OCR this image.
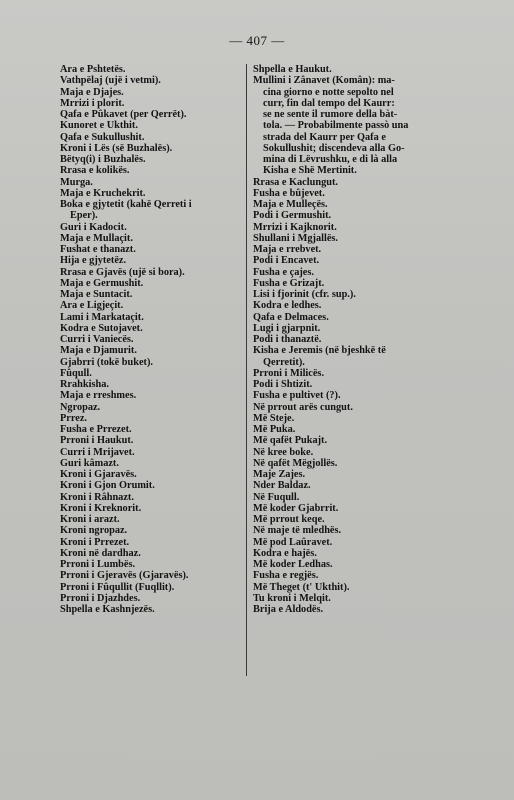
— 407 —
Ara e Pshtetës.
Vathpëlaj (ujë i vetmi).
Maja e Djajes.
Mrrizi i plorit.
Qafa e Pûkavet (per Qerrët).
Kunoret e Ukthit.
Qafa e Sukullushit.
Kroni i Lës (së Buzhalës).
Bëtyq(i) i Buzhalës.
Rrasa e kolikës.
Murga.
Maja e Kruchekrit.
Boka e gjytetit (kahë Qerreti i
Eper).
Guri i Kadocit.
Maja e Mullaçit.
Fushat e thanazt.
Hija e gjytetëz.
Rrasa e Gjavës (ujë si bora).
Maja e Germushit.
Maja e Suntacit.
Ara e Ligjeçit.
Lami i Markataçit.
Kodra e Sutojavet.
Curri i Vaniecës.
Maja e Djamurit.
Gjabrri (tokë buket).
Fûqull.
Rrahkisha.
Maja e rreshmes.
Ngropaz.
Prrez.
Fusha e Prrezet.
Prroni i Haukut.
Curri i Mrijavet.
Guri kâmazt.
Kroni i Gjaravës.
Kroni i Gjon Orumit.
Kroni i Râhnazt.
Kroni i Kreknorit.
Kroni i arazt.
Kroni ngropaz.
Kroni i Prrezet.
Kroni në dardhaz.
Prroni i Lumbës.
Prroni i Gjeravës (Gjaravës).
Prroni i Fûqullit (Fuqllit).
Prroni i Djazhdes.
Shpella e Kashnjezës.
Shpella e Haukut.
Mullini i Zânavet (Komân): ma-
cina giorno e notte sepolto nel
curr, fin dal tempo del Kaurr:
se ne sente il rumore della bàt-
tola. — Probabilmente passò una
strada del Kaurr per Qafa e
Sokullushit; discendeva alla Go-
mina di Lëvrushku, e di là alla
Kisha e Shë Mertinit.
Rrasa e Kaclungut.
Fusha e bûjevet.
Maja e Mulleçës.
Podi i Germushit.
Mrrizi i Kajknorit.
Shullani i Mgjallës.
Maja e rrebvet.
Podi i Encavet.
Fusha e çajes.
Fusha e Grizajt.
Lisi i fjorinit (cfr. sup.).
Kodra e ledhes.
Qafa e Delmaces.
Lugi i gjarpnit.
Podi i thanaztë.
Kisha e Jeremis (në bjeshkë të
Qerretit).
Prroni i Milicës.
Podi i Shtizit.
Fusha e pultivet (?).
Në prrout arës cungut.
Më Steje.
Më Puka.
Më qafët Pukajt.
Në kree boke.
Në qafët Mëgjollës.
Maje Zajes.
Nder Baldaz.
Në Fuqull.
Më koder Gjabrrit.
Më prrout keqe.
Në maje të mledhës.
Më pod Laûravet.
Kodra e hajës.
Më koder Ledhas.
Fusha e regjës.
Më Theget (t' Ukthit).
Tu kroni i Melqit.
Brija e Aldodës.
